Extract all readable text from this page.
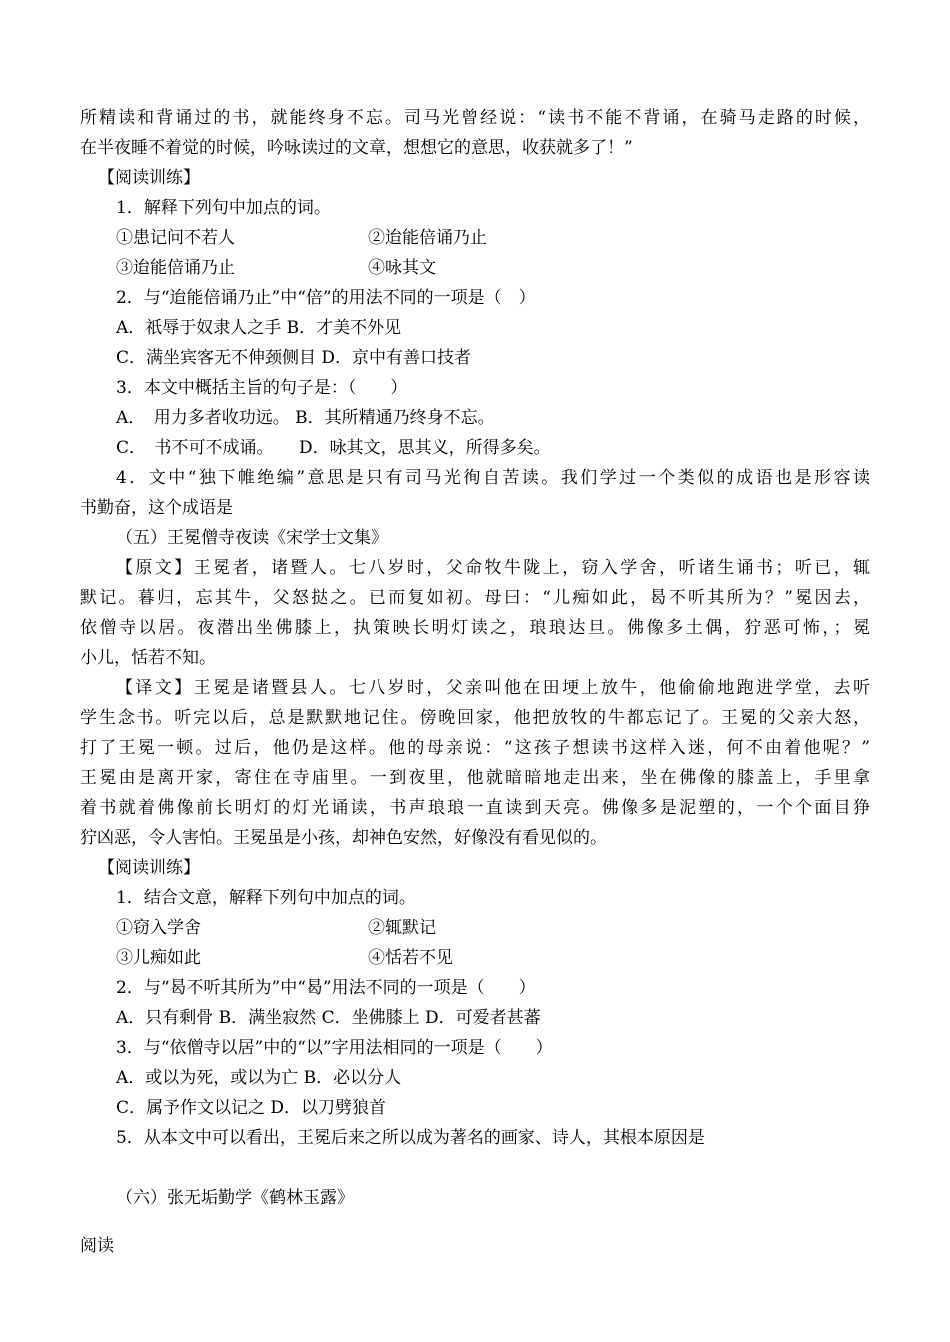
所精读和背诵过的书，就能终身不忘。司马光曾经说：“读书不能不背诵，在骑马走路的时候，
在半夜睡不着觉的时候，吟咏读过的文章，想想它的意思，收获就多了！”
【阅读训练】
1．解释下列句中加点的词。
①患记问不若人	②迨能倍诵乃止
③迨能倍诵乃止	④咏其文
2．与“迨能倍诵乃止”中“倍”的用法不同的一项是（　）
A．祇辱于奴隶人之手 B．才美不外见
C．满坐宾客无不伸颈侧目 D．京中有善口技者
3．本文中概括主旨的句子是：（　　）
A．　用力多者收功远。 B．其所精通乃终身不忘。
C．　书不可不成诵。　　D．咏其文，思其义，所得多矣。
4．文中“独下帷绝编”意思是只有司马光徇自苦读。我们学过一个类似的成语也是形容读
书勤奋，这个成语是
（五）王冕僧寺夜读《宋学士文集》
【原文】王冕者，诸暨人。七八岁时，父命牧牛陇上，窃入学舍，听诸生诵书；听已，辄
默记。暮归，忘其牛，父怒挞之。已而复如初。母曰：“儿痴如此，曷不听其所为？”冕因去，
依僧寺以居。夜潜出坐佛膝上，执策映长明灯读之，琅琅达旦。佛像多土偶，狞恶可怖，；冕
小儿，恬若不知。
【译文】王冕是诸暨县人。七八岁时，父亲叫他在田埂上放牛，他偷偷地跑进学堂，去听
学生念书。听完以后，总是默默地记住。傍晚回家，他把放牧的牛都忘记了。王冕的父亲大怒，
打了王冕一顿。过后，他仍是这样。他的母亲说：“这孩子想读书这样入迷，何不由着他呢？”
王冕由是离开家，寄住在寺庙里。一到夜里，他就暗暗地走出来，坐在佛像的膝盖上，手里拿
着书就着佛像前长明灯的灯光诵读，书声琅琅一直读到天亮。佛像多是泥塑的，一个个面目狰
狞凶恶，令人害怕。王冕虽是小孩，却神色安然，好像没有看见似的。
【阅读训练】
1．结合文意，解释下列句中加点的词。
①窃入学舍	②辄默记
③儿痴如此	④恬若不见
2．与“曷不听其所为”中“曷”用法不同的一项是（　　）
A．只有剩骨 B．满坐寂然 C．坐佛膝上 D．可爱者甚蕃
3．与“依僧寺以居”中的“以”字用法相同的一项是（　　）
A．或以为死，或以为亡 B．必以分人
C．属予作文以记之 D．以刀劈狼首
5．从本文中可以看出，王冕后来之所以成为著名的画家、诗人，其根本原因是
（六）张无垢勤学《鹤林玉露》
阅读
